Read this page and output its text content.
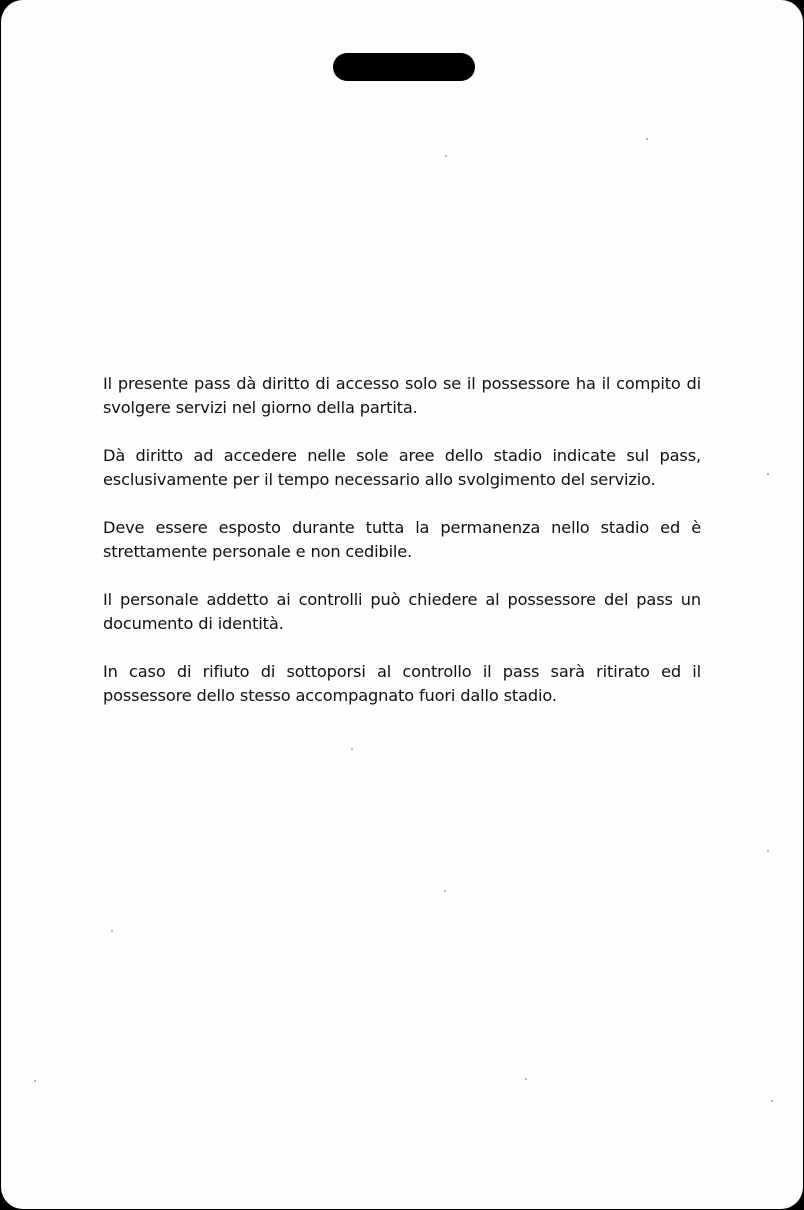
Il presente pass dà diritto di accesso solo se il possessore ha il compito di svolgere servizi nel giorno della partita.

Dà diritto ad accedere nelle sole aree dello stadio indicate sul pass, esclusivamente per il tempo necessario allo svolgimento del servizio.

Deve essere esposto durante tutta la permanenza nello stadio ed è strettamente personale e non cedibile.

Il personale addetto ai controlli può chiedere al possessore del pass un documento di identità.

In caso di rifiuto di sottoporsi al controllo il pass sarà ritirato ed il possessore dello stesso accompagnato fuori dallo stadio.
